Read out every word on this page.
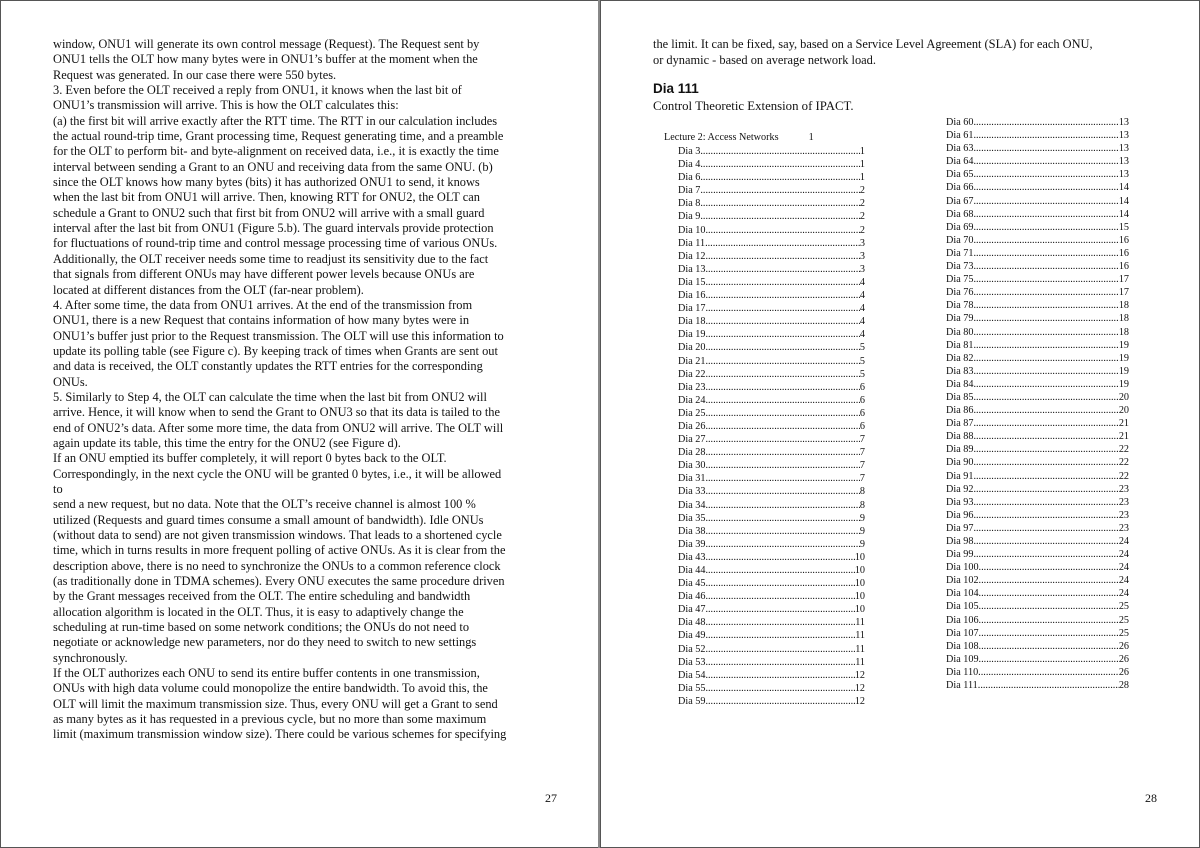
window, ONU1 will generate its own control message (Request). The Request sent by
ONU1 tells the OLT how many bytes were in ONU1’s buffer at the moment when the
Request was generated. In our case there were 550 bytes.
3. Even before the OLT received a reply from ONU1, it knows when the last bit of
ONU1’s transmission will arrive. This is how the OLT calculates this:
(a) the first bit will arrive exactly after the RTT time. The RTT in our calculation includes
the actual round-trip time, Grant processing time, Request generating time, and a preamble
for the OLT to perform bit- and byte-alignment on received data, i.e., it is exactly the time
interval between sending a Grant to an ONU and receiving data from the same ONU. (b)
since the OLT knows how many bytes (bits) it has authorized ONU1 to send, it knows
when the last bit from ONU1 will arrive. Then, knowing RTT for ONU2, the OLT can
schedule a Grant to ONU2 such that first bit from ONU2 will arrive with a small guard
interval after the last bit from ONU1 (Figure 5.b). The guard intervals provide protection
for fluctuations of round-trip time and control message processing time of various ONUs.
Additionally, the OLT receiver needs some time to readjust its sensitivity due to the fact
that signals from different ONUs may have different power levels because ONUs are
located at different distances from the OLT (far-near problem).
4. After some time, the data from ONU1 arrives. At the end of the transmission from
ONU1, there is a new Request that contains information of how many bytes were in
ONU1’s buffer just prior to the Request transmission. The OLT will use this information to
update its polling table (see Figure c). By keeping track of times when Grants are sent out
and data is received, the OLT constantly updates the RTT entries for the corresponding
ONUs.
5. Similarly to Step 4, the OLT can calculate the time when the last bit from ONU2 will
arrive. Hence, it will know when to send the Grant to ONU3 so that its data is tailed to the
end of ONU2’s data. After some more time, the data from ONU2 will arrive. The OLT will
again update its table, this time the entry for the ONU2 (see Figure d).
If an ONU emptied its buffer completely, it will report 0 bytes back to the OLT.
Correspondingly, in the next cycle the ONU will be granted 0 bytes, i.e., it will be allowed
to
send a new request, but no data. Note that the OLT’s receive channel is almost 100 %
utilized (Requests and guard times consume a small amount of bandwidth). Idle ONUs
(without data to send) are not given transmission windows. That leads to a shortened cycle
time, which in turns results in more frequent polling of active ONUs. As it is clear from the
description above, there is no need to synchronize the ONUs to a common reference clock
(as traditionally done in TDMA schemes). Every ONU executes the same procedure driven
by the Grant messages received from the OLT. The entire scheduling and bandwidth
allocation algorithm is located in the OLT. Thus, it is easy to adaptively change the
scheduling at run-time based on some network conditions; the ONUs do not need to
negotiate or acknowledge new parameters, nor do they need to switch to new settings
synchronously.
If the OLT authorizes each ONU to send its entire buffer contents in one transmission,
ONUs with high data volume could monopolize the entire bandwidth. To avoid this, the
OLT will limit the maximum transmission size. Thus, every ONU will get a Grant to send
as many bytes as it has requested in a previous cycle, but no more than some maximum
limit (maximum transmission window size). There could be various schemes for specifying
27
the limit. It can be fixed, say, based on a Service Level Agreement (SLA) for each ONU,
or dynamic - based on average network load.
Dia 111
Control Theoretic Extension of IPACT.
Lecture 2: Access Networks	1
Dia 3 .....	1
Dia 4 .....	1
Dia 6 .....	1
Dia 7 .....	2
Dia 8 .....	2
Dia 9 .....	2
Dia 10 .....	2
Dia 11 .....	3
Dia 12 .....	3
Dia 13 .....	3
Dia 15 .....	4
Dia 16 .....	4
Dia 17 .....	4
Dia 18 .....	4
Dia 19 .....	4
Dia 20 .....	5
Dia 21 .....	5
Dia 22 .....	5
Dia 23 .....	6
Dia 24 .....	6
Dia 25 .....	6
Dia 26 .....	6
Dia 27 .....	7
Dia 28 .....	7
Dia 30 .....	7
Dia 31 .....	7
Dia 33 .....	8
Dia 34 .....	8
Dia 35 .....	9
Dia 38 .....	9
Dia 39 .....	9
Dia 43 .....	10
Dia 44 .....	10
Dia 45 .....	10
Dia 46 .....	10
Dia 47 .....	10
Dia 48 .....	11
Dia 49 .....	11
Dia 52 .....	11
Dia 53 .....	11
Dia 54 .....	12
Dia 55 .....	12
Dia 59 .....	12
Dia 60 .....	13
Dia 61 .....	13
Dia 63 .....	13
Dia 64 .....	13
Dia 65 .....	13
Dia 66 .....	14
Dia 67 .....	14
Dia 68 .....	14
Dia 69 .....	15
Dia 70 .....	16
Dia 71 .....	16
Dia 73 .....	16
Dia 75 .....	17
Dia 76 .....	17
Dia 78 .....	18
Dia 79 .....	18
Dia 80 .....	18
Dia 81 .....	19
Dia 82 .....	19
Dia 83 .....	19
Dia 84 .....	19
Dia 85 .....	20
Dia 86 .....	20
Dia 87 .....	21
Dia 88 .....	21
Dia 89 .....	22
Dia 90 .....	22
Dia 91 .....	22
Dia 92 .....	23
Dia 93 .....	23
Dia 96 .....	23
Dia 97 .....	23
Dia 98 .....	24
Dia 99 .....	24
Dia 100 .....	24
Dia 102 .....	24
Dia 104 .....	24
Dia 105 .....	25
Dia 106 .....	25
Dia 107 .....	25
Dia 108 .....	26
Dia 109 .....	26
Dia 110 .....	26
Dia 111 .....	28
28
